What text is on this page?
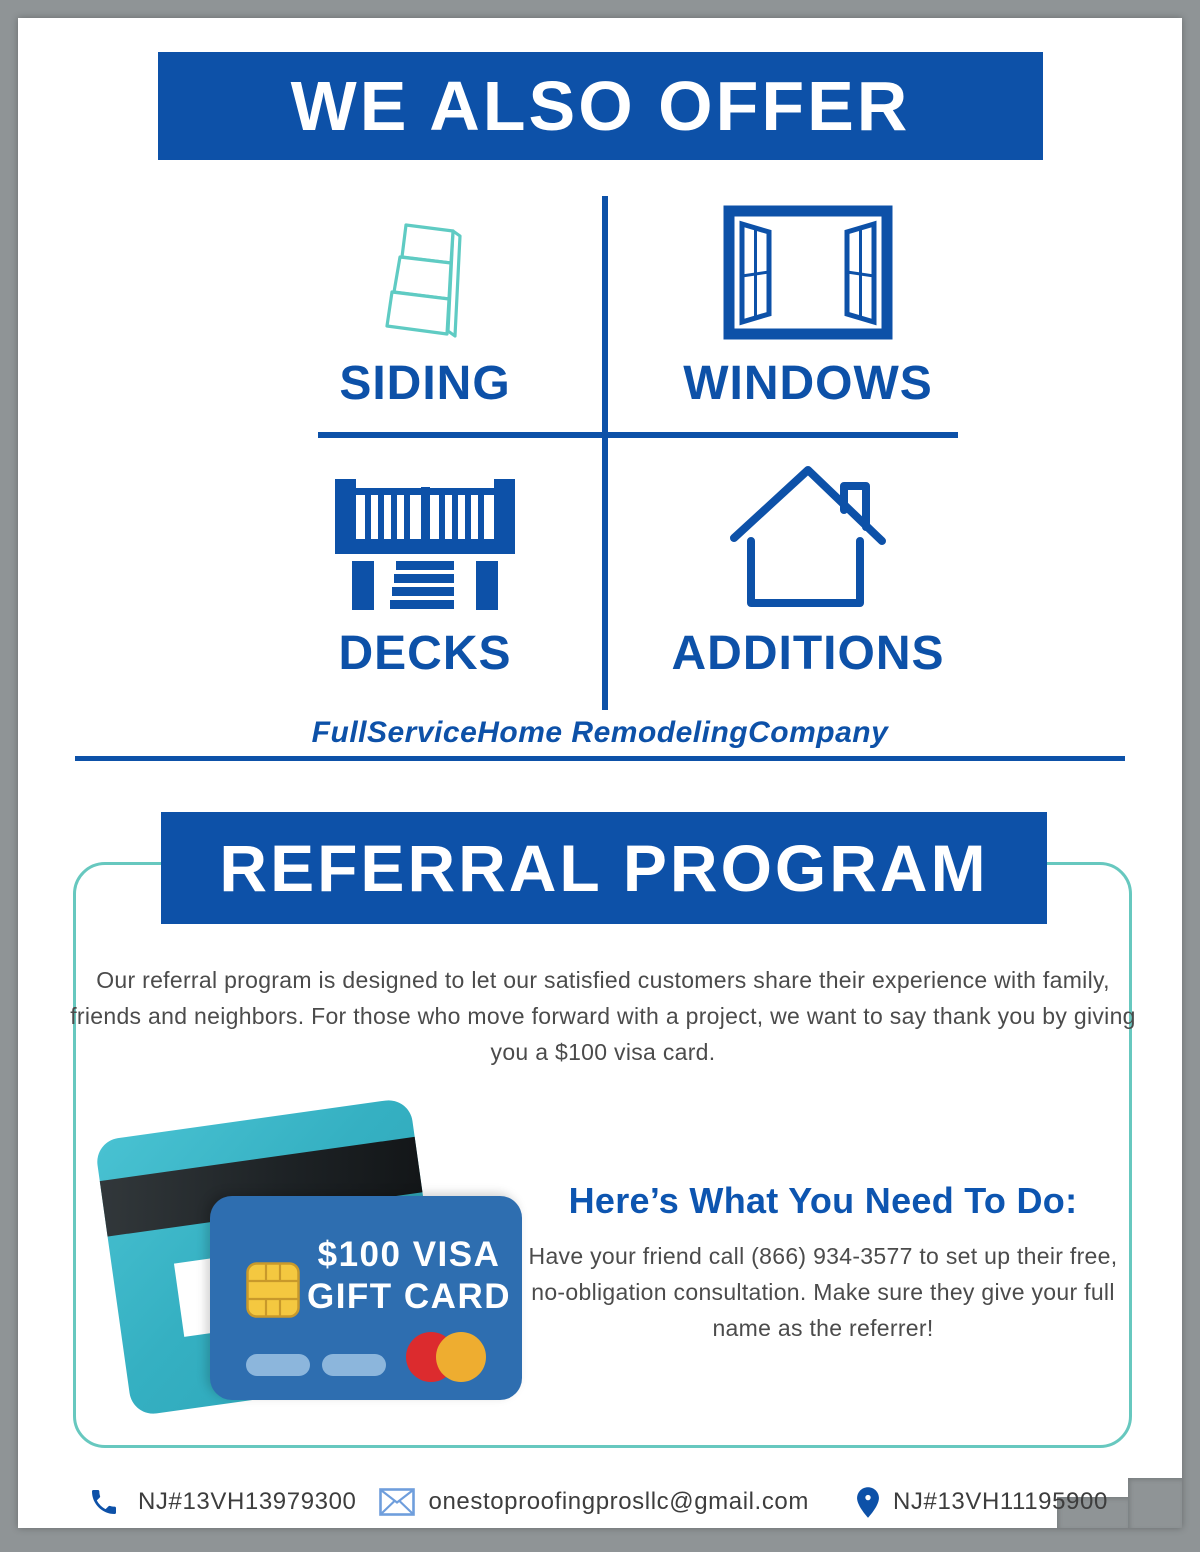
WE ALSO OFFER
SIDING	WINDOWS
DECKS	ADDITIONS
FullServiceHome RemodelingCompany
REFERRAL PROGRAM
Our referral program is designed to let our satisfied customers share their experience with family, friends and neighbors. For those who move forward with a project, we want to say thank you by giving you a $100 visa card.
$100 VISA
GIFT CARD
Here’s What You Need To Do:
Have your friend call (866) 934-3577 to set up their free, no-obligation consultation. Make sure they give your full name as the referrer!
NJ#13VH13979300	onestoproofingprosllc@gmail.com	NJ#13VH11195900
